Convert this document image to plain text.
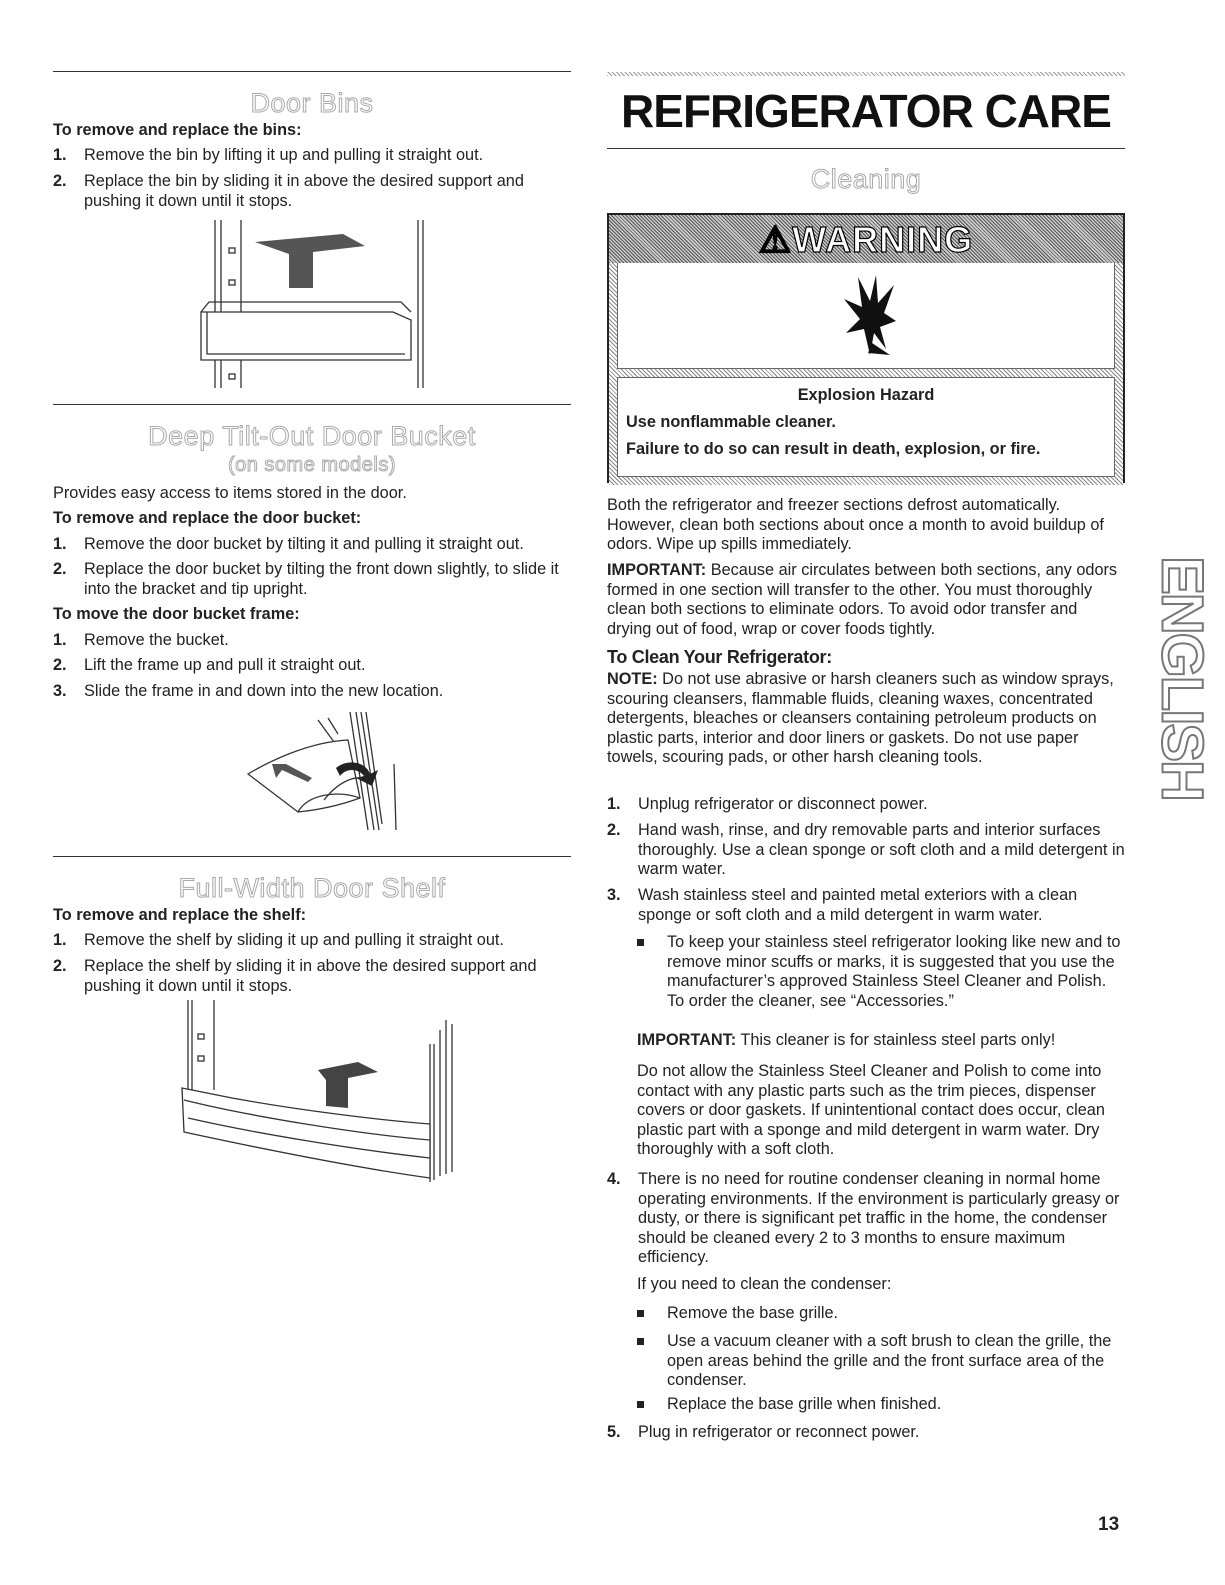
Door Bins
To remove and replace the bins:
1.	Remove the bin by lifting it up and pulling it straight out.
2.	Replace the bin by sliding it in above the desired support and pushing it down until it stops.
Deep Tilt-Out Door Bucket
(on some models)
Provides easy access to items stored in the door.
To remove and replace the door bucket:
1.	Remove the door bucket by tilting it and pulling it straight out.
2.	Replace the door bucket by tilting the front down slightly, to slide it into the bracket and tip upright.
To move the door bucket frame:
1.	Remove the bucket.
2.	Lift the frame up and pull it straight out.
3.	Slide the frame in and down into the new location.
Full-Width Door Shelf
To remove and replace the shelf:
1.	Remove the shelf by sliding it up and pulling it straight out.
2.	Replace the shelf by sliding it in above the desired support and pushing it down until it stops.
REFRIGERATOR CARE
Cleaning
⚠WARNING
Explosion Hazard
Use nonflammable cleaner.
Failure to do so can result in death, explosion, or fire.
Both the refrigerator and freezer sections defrost automatically. However, clean both sections about once a month to avoid buildup of odors. Wipe up spills immediately.
IMPORTANT: Because air circulates between both sections, any odors formed in one section will transfer to the other. You must thoroughly clean both sections to eliminate odors. To avoid odor transfer and drying out of food, wrap or cover foods tightly.
To Clean Your Refrigerator:
NOTE: Do not use abrasive or harsh cleaners such as window sprays, scouring cleansers, flammable fluids, cleaning waxes, concentrated detergents, bleaches or cleansers containing petroleum products on plastic parts, interior and door liners or gaskets. Do not use paper towels, scouring pads, or other harsh cleaning tools.
1.	Unplug refrigerator or disconnect power.
2.	Hand wash, rinse, and dry removable parts and interior surfaces thoroughly. Use a clean sponge or soft cloth and a mild detergent in warm water.
3.	Wash stainless steel and painted metal exteriors with a clean sponge or soft cloth and a mild detergent in warm water.
To keep your stainless steel refrigerator looking like new and to remove minor scuffs or marks, it is suggested that you use the manufacturer’s approved Stainless Steel Cleaner and Polish. To order the cleaner, see “Accessories.”
IMPORTANT: This cleaner is for stainless steel parts only!
Do not allow the Stainless Steel Cleaner and Polish to come into contact with any plastic parts such as the trim pieces, dispenser covers or door gaskets. If unintentional contact does occur, clean plastic part with a sponge and mild detergent in warm water. Dry thoroughly with a soft cloth.
4.	There is no need for routine condenser cleaning in normal home operating environments. If the environment is particularly greasy or dusty, or there is significant pet traffic in the home, the condenser should be cleaned every 2 to 3 months to ensure maximum efficiency.
If you need to clean the condenser:
Remove the base grille.
Use a vacuum cleaner with a soft brush to clean the grille, the open areas behind the grille and the front surface area of the condenser.
Replace the base grille when finished.
5.	Plug in refrigerator or reconnect power.
ENGLISH
13
